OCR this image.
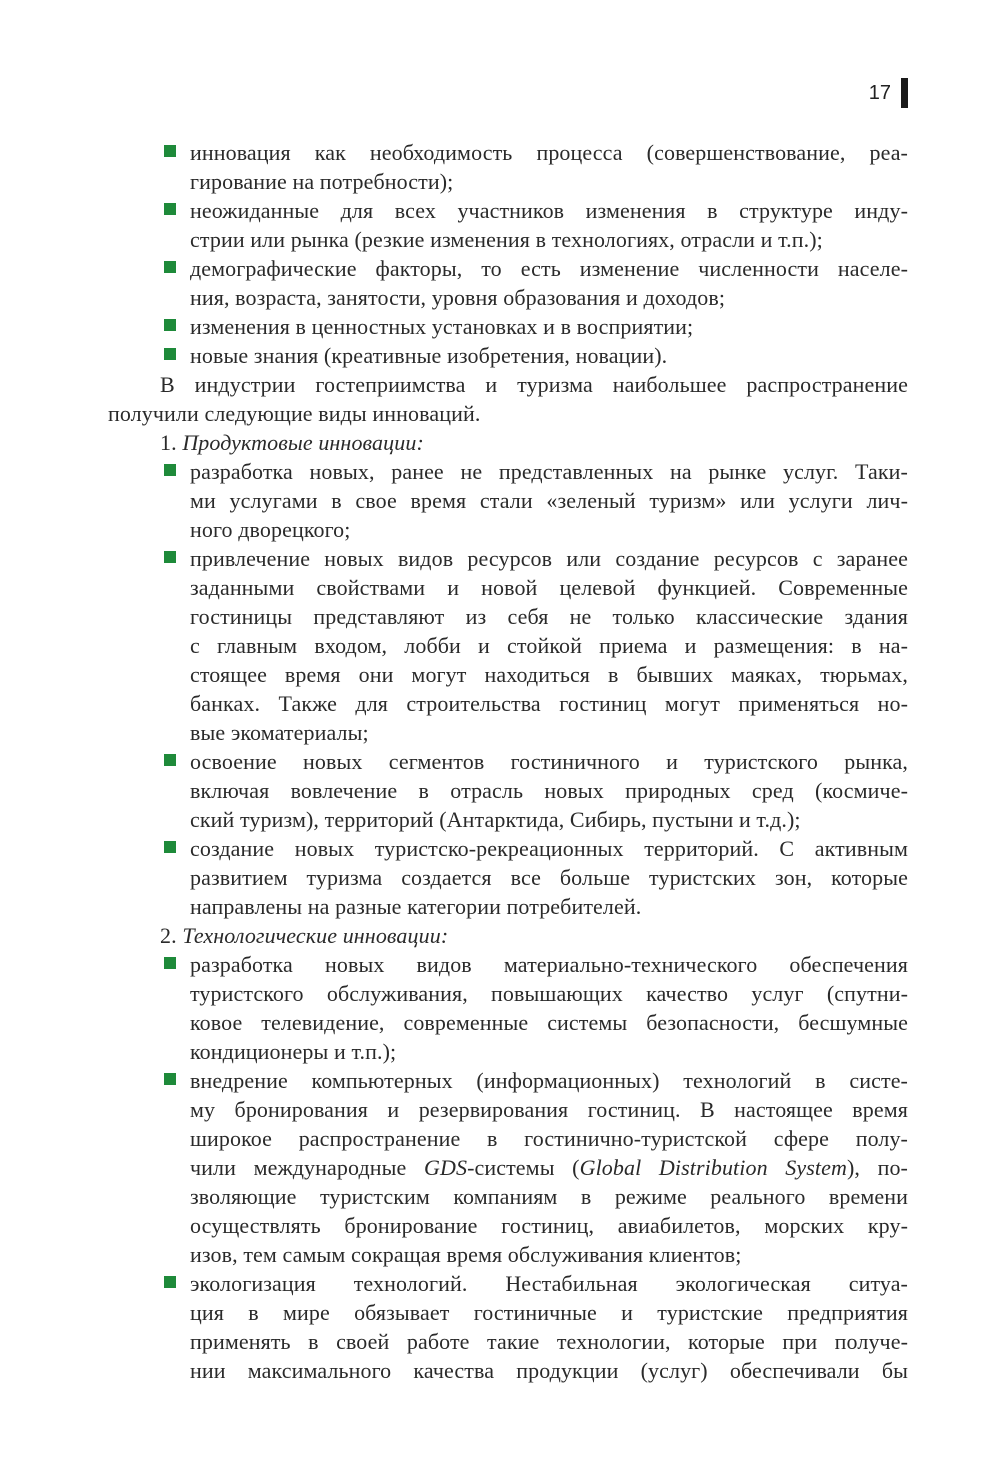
17
инновация как необходимость процесса (совершенствование, реа-
гирование на потребности);
неожиданные для всех участников изменения в структуре инду-
стрии или рынка (резкие изменения в технологиях, отрасли и т.п.);
демографические факторы, то есть изменение численности населе-
ния, возраста, занятости, уровня образования и доходов;
изменения в ценностных установках и в восприятии;
новые знания (креативные изобретения, новации).
В индустрии гостеприимства и туризма наибольшее распространение
получили следующие виды инноваций.
1. Продуктовые инновации:
разработка новых, ранее не представленных на рынке услуг. Таки-
ми услугами в свое время стали «зеленый туризм» или услуги лич-
ного дворецкого;
привлечение новых видов ресурсов или создание ресурсов с заранее
заданными свойствами и новой целевой функцией. Современные
гостиницы представляют из себя не только классические здания
с главным входом, лобби и стойкой приема и размещения: в на-
стоящее время они могут находиться в бывших маяках, тюрьмах,
банках. Также для строительства гостиниц могут применяться но-
вые экоматериалы;
освоение новых сегментов гостиничного и туристского рынка,
включая вовлечение в отрасль новых природных сред (космиче-
ский туризм), территорий (Антарктида, Сибирь, пустыни и т.д.);
создание новых туристско-рекреационных территорий. С активным
развитием туризма создается все больше туристских зон, которые
направлены на разные категории потребителей.
2. Технологические инновации:
разработка новых видов материально-технического обеспечения
туристского обслуживания, повышающих качество услуг (спутни-
ковое телевидение, современные системы безопасности, бесшумные
кондиционеры и т.п.);
внедрение компьютерных (информационных) технологий в систе-
му бронирования и резервирования гостиниц. В настоящее время
широкое распространение в гостинично-туристской сфере полу-
чили международные GDS-системы (Global Distribution System), по-
зволяющие туристским компаниям в режиме реального времени
осуществлять бронирование гостиниц, авиабилетов, морских кру-
изов, тем самым сокращая время обслуживания клиентов;
экологизация технологий. Нестабильная экологическая ситуа-
ция в мире обязывает гостиничные и туристские предприятия
применять в своей работе такие технологии, которые при получе-
нии максимального качества продукции (услуг) обеспечивали бы
